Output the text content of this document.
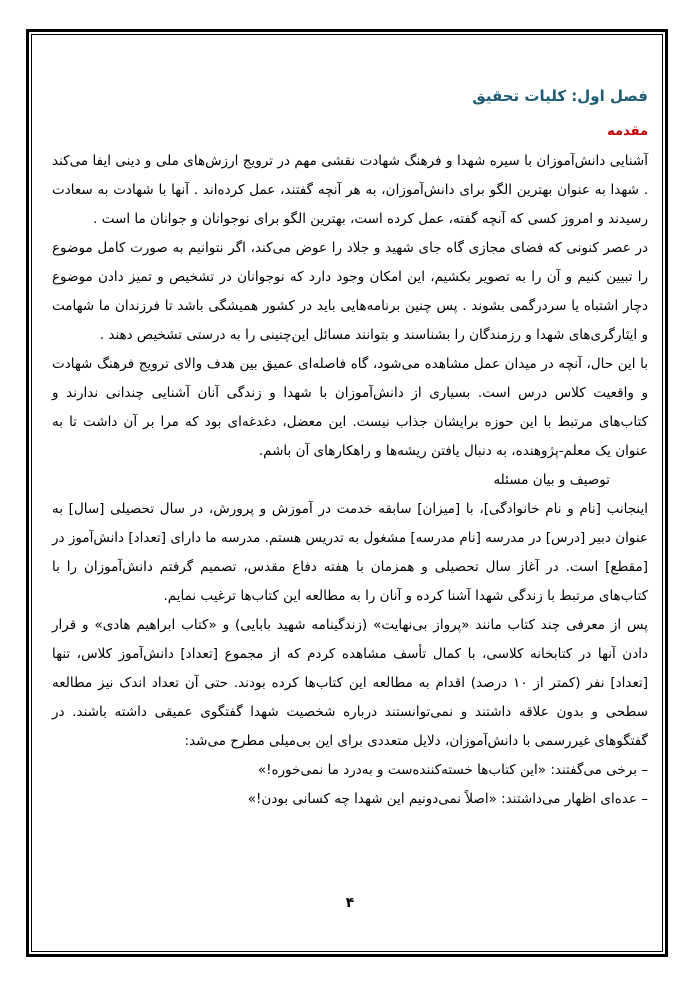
فصل اول: کلیات تحقیق
مقدمه

آشنایی دانش‌آموزان با سیره شهدا و فرهنگ شهادت نقشی مهم در ترویج ارزش‌های ملی و دینی ایفا می‌کند . شهدا به عنوان بهترین الگو برای دانش‌آموزان، به هر آنچه گفتند، عمل کرده‌اند . آنها با شهادت به سعادت رسیدند و امروز کسی که آنچه گفته، عمل کرده است، بهترین الگو برای نوجوانان و جوانان ما است .

در عصر کنونی که فضای مجازی گاه جای شهید و جلاد را عوض می‌کند، اگر نتوانیم به صورت کامل موضوع را تبیین کنیم و آن را به تصویر بکشیم، این امکان وجود دارد که نوجوانان در تشخیص و تمیز دادن موضوع دچار اشتباه یا سردرگمی بشوند . پس چنین برنامه‌هایی باید در کشور همیشگی باشد تا فرزندان ما شهامت و ایثارگری‌های شهدا و رزمندگان را بشناسند و بتوانند مسائل این‌چنینی را به درستی تشخیص دهند .

با این حال، آنچه در میدان عمل مشاهده می‌شود، گاه فاصله‌ای عمیق بین هدف والای ترویج فرهنگ شهادت و واقعیت کلاس درس است. بسیاری از دانش‌آموزان با شهدا و زندگی آنان آشنایی چندانی ندارند و کتاب‌های مرتبط با این حوزه برایشان جذاب نیست. این معضل، دغدغه‌ای بود که مرا بر آن داشت تا به عنوان یک معلم-پژوهنده، به دنبال یافتن ریشه‌ها و راهکارهای آن باشم.

توصیف و بیان مسئله

اینجانب [نام و نام خانوادگی]، با [میزان] سابقه خدمت در آموزش و پرورش، در سال تحصیلی [سال] به عنوان دبیر [درس] در مدرسه [نام مدرسه] مشغول به تدریس هستم. مدرسه ما دارای [تعداد] دانش‌آموز در [مقطع] است. در آغاز سال تحصیلی و همزمان با هفته دفاع مقدس، تصمیم گرفتم دانش‌آموزان را با کتاب‌های مرتبط با زندگی شهدا آشنا کرده و آنان را به مطالعه این کتاب‌ها ترغیب نمایم.

پس از معرفی چند کتاب مانند «پرواز بی‌نهایت» (زندگینامه شهید بابایی) و «کتاب ابراهیم هادی» و قرار دادن آنها در کتابخانه کلاسی، با کمال تأسف مشاهده کردم که از مجموع [تعداد] دانش‌آموز کلاس، تنها [تعداد] نفر (کمتر از ۱۰ درصد) اقدام به مطالعه این کتاب‌ها کرده بودند. حتی آن تعداد اندک نیز مطالعه سطحی و بدون علاقه داشتند و نمی‌توانستند درباره شخصیت شهدا گفتگوی عمیقی داشته باشند. در گفتگوهای غیررسمی با دانش‌آموزان، دلایل متعددی برای این بی‌میلی مطرح می‌شد:

– برخی می‌گفتند: «این کتاب‌ها خسته‌کننده‌ست و به‌درد ما نمی‌خوره!»

– عده‌ای اظهار می‌داشتند: «اصلاً نمی‌دونیم این شهدا چه کسانی بودن!»

۴
